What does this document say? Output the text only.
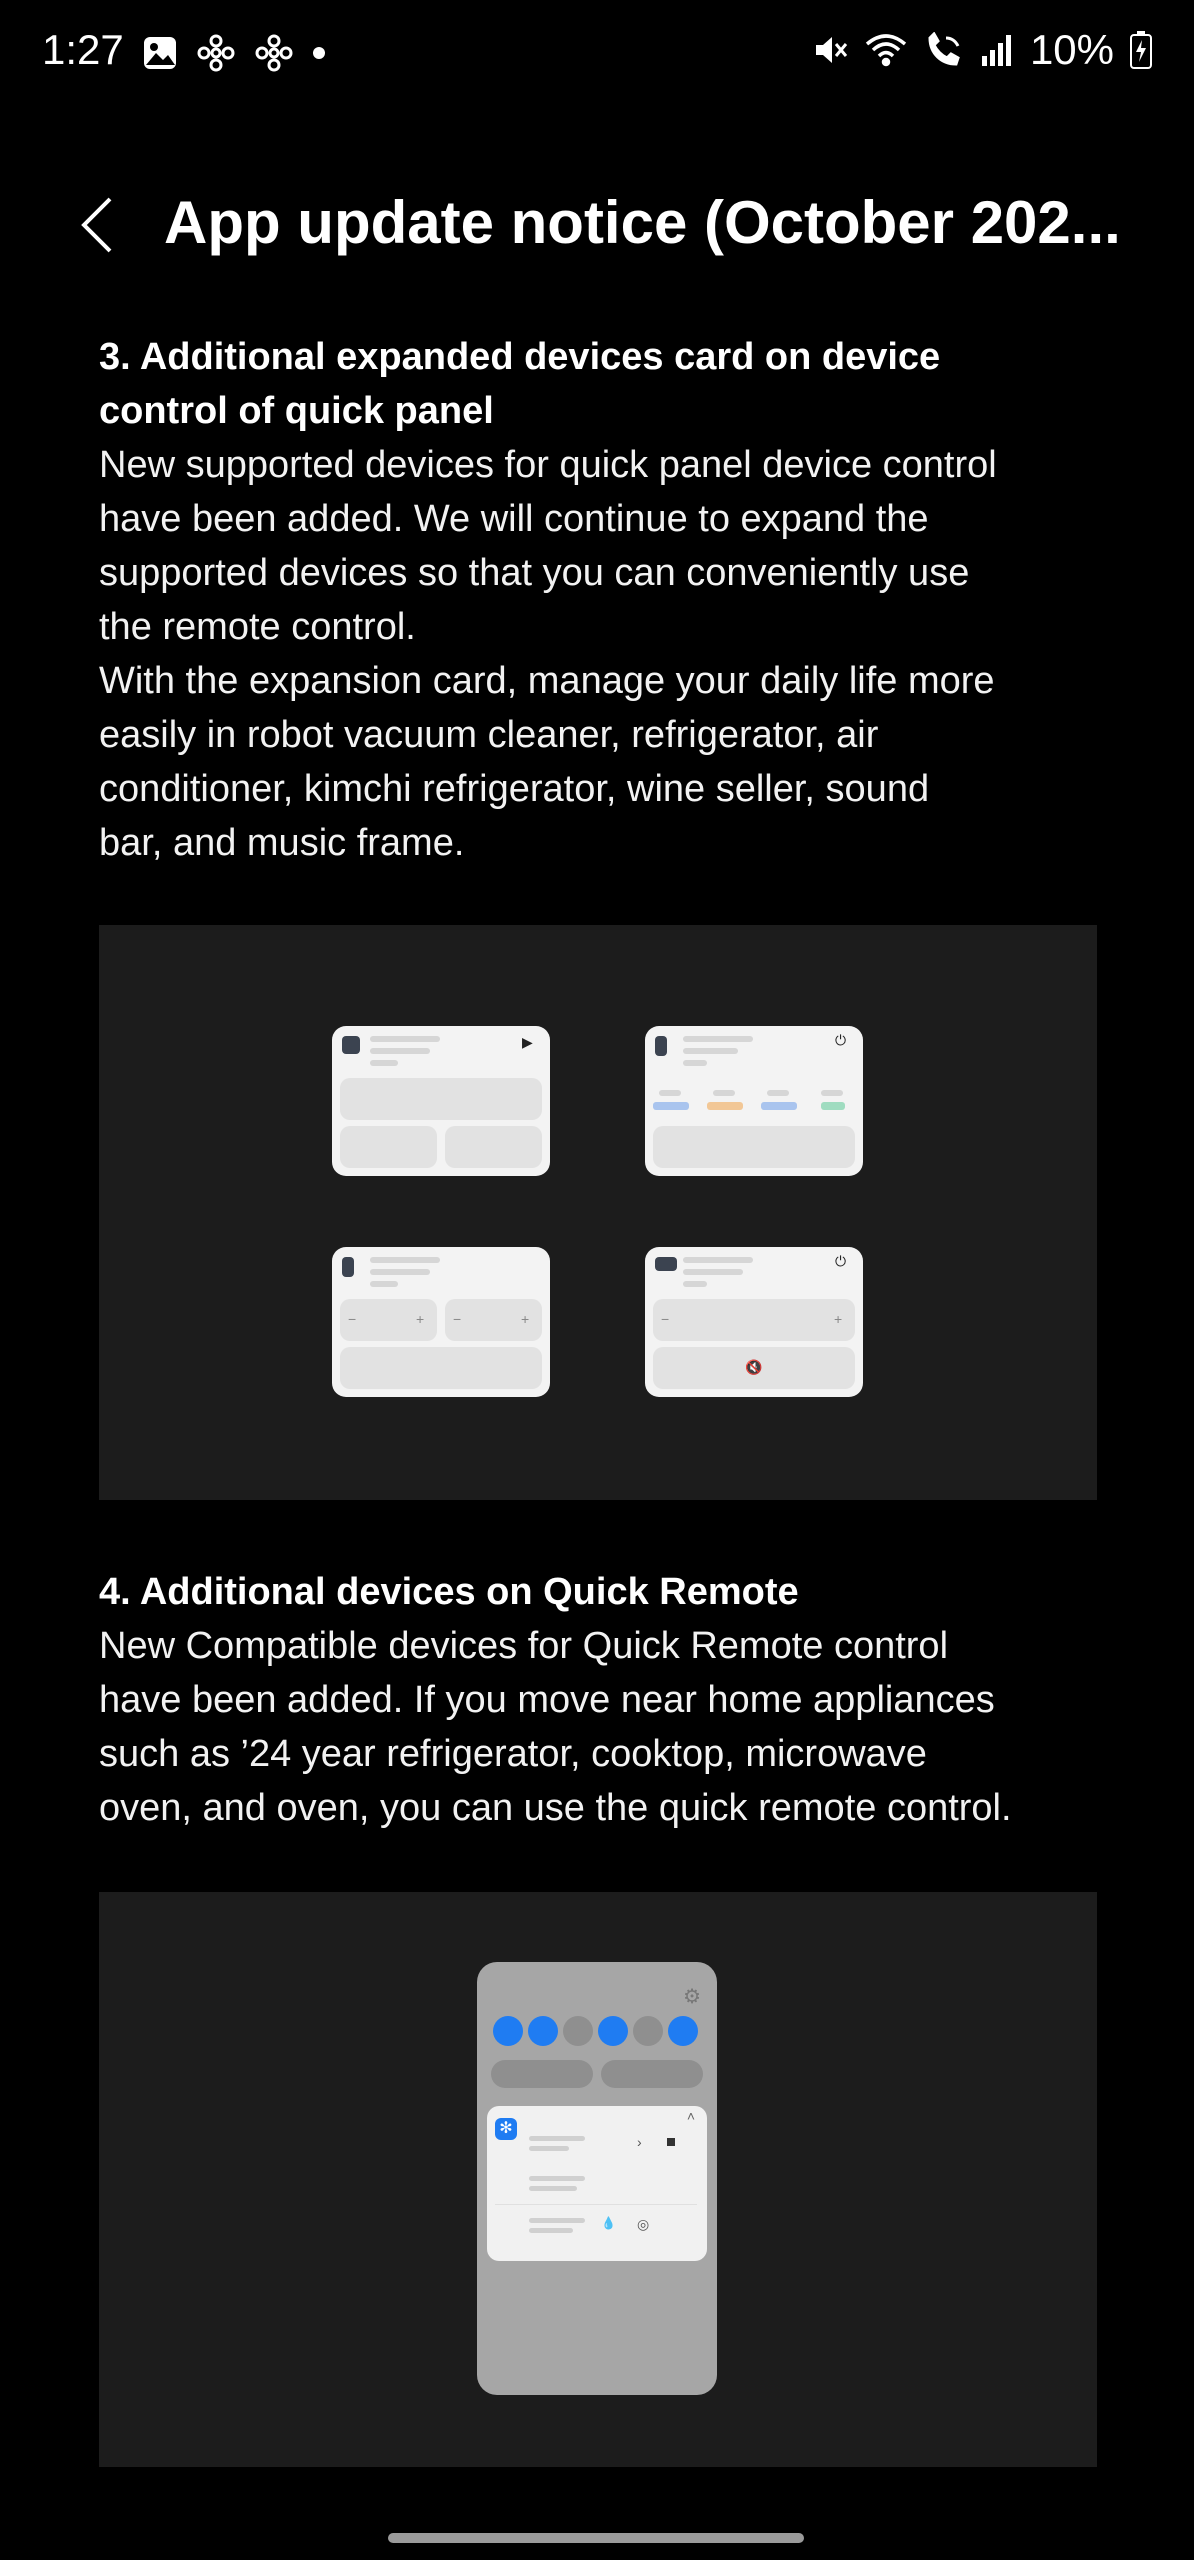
1:27	10%
App update notice (October 202...

3. Additional expanded devices card on device

control of quick panel

New supported devices for quick panel device control

have been added. We will continue to expand the

supported devices so that you can conveniently use

the remote control.

With the expansion card, manage your daily life more

easily in robot vacuum cleaner, refrigerator, air

conditioner, kimchi refrigerator, wine seller, sound

bar, and music frame.

▶	⏻
−	+ −	+
⏻
−	+
🔇

4. Additional devices on Quick Remote

New Compatible devices for Quick Remote control

have been added. If you move near home appliances

such as ’24 year refrigerator, cooktop, microwave

oven, and oven, you can use the quick remote control.

⚙
✻
˄
›
💧 ◎
